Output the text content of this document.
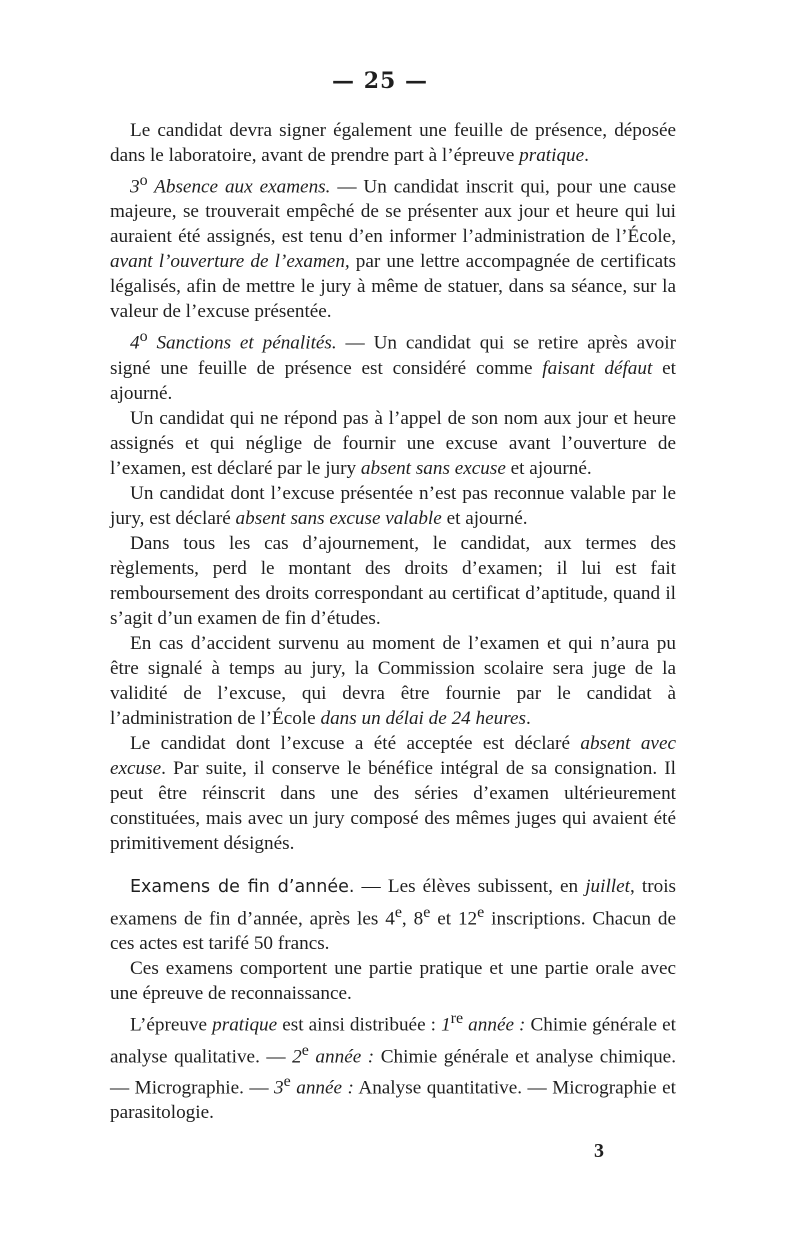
— 25 —

Le candidat devra signer également une feuille de présence, déposée dans le laboratoire, avant de prendre part à l’épreuve pratique.

3$^o$ Absence aux examens. — Un candidat inscrit qui, pour une cause majeure, se trouverait empêché de se présenter aux jour et heure qui lui auraient été assignés, est tenu d’en informer l’administration de l’École, avant l’ouverture de l’examen, par une lettre accompagnée de certificats légalisés, afin de mettre le jury à même de statuer, dans sa séance, sur la valeur de l’excuse présentée.

4$^o$ Sanctions et pénalités. — Un candidat qui se retire après avoir signé une feuille de présence est considéré comme faisant défaut et ajourné.

Un candidat qui ne répond pas à l’appel de son nom aux jour et heure assignés et qui néglige de fournir une excuse avant l’ouverture de l’examen, est déclaré par le jury absent sans excuse et ajourné.

Un candidat dont l’excuse présentée n’est pas reconnue valable par le jury, est déclaré absent sans excuse valable et ajourné.

Dans tous les cas d’ajournement, le candidat, aux termes des règlements, perd le montant des droits d’examen; il lui est fait remboursement des droits correspondant au certificat d’aptitude, quand il s’agit d’un examen de fin d’études.

En cas d’accident survenu au moment de l’examen et qui n’aura pu être signalé à temps au jury, la Commission scolaire sera juge de la validité de l’excuse, qui devra être fournie par le candidat à l’administration de l’École dans un délai de 24 heures.

Le candidat dont l’excuse a été acceptée est déclaré absent avec excuse. Par suite, il conserve le bénéfice intégral de sa consignation. Il peut être réinscrit dans une des séries d’examen ultérieurement constituées, mais avec un jury composé des mêmes juges qui avaient été primitivement désignés.

Examens de fin d’année. — Les élèves subissent, en juillet, trois examens de fin d’année, après les 4e, 8e et 12e inscriptions. Chacun de ces actes est tarifé 50 francs.

Ces examens comportent une partie pratique et une partie orale avec une épreuve de reconnaissance.

L’épreuve pratique est ainsi distribuée : 1re année : Chimie générale et analyse qualitative. — 2e année : Chimie générale et analyse chimique. — Micrographie. — 3e année : Analyse quantitative. — Micrographie et parasitologie.

3
